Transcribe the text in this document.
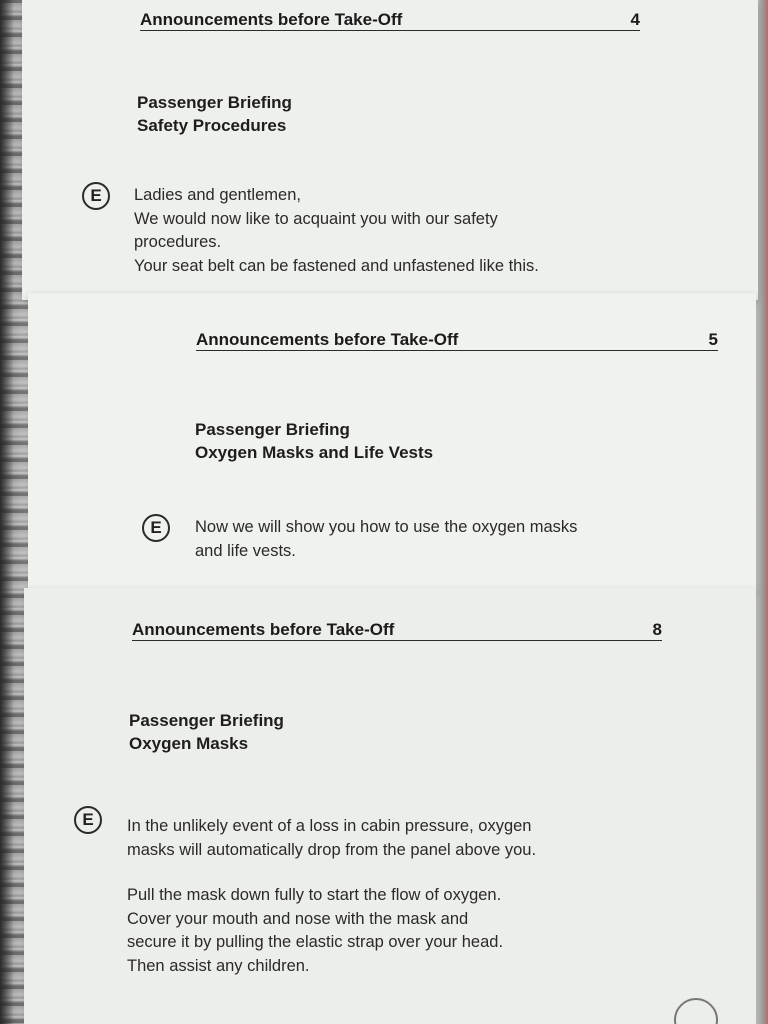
Announcements before Take-Off	4
Passenger Briefing
Safety Procedures
E	Ladies and gentlemen,
We would now like to acquaint you with our safety
procedures.
Your seat belt can be fastened and unfastened like this.
Announcements before Take-Off	5
Passenger Briefing
Oxygen Masks and Life Vests
E	Now we will show you how to use the oxygen masks
and life vests.
Announcements before Take-Off	8
Passenger Briefing
Oxygen Masks
E	In the unlikely event of a loss in cabin pressure, oxygen
masks will automatically drop from the panel above you.
Pull the mask down fully to start the flow of oxygen.
Cover your mouth and nose with the mask and
secure it by pulling the elastic strap over your head.
Then assist any children.
